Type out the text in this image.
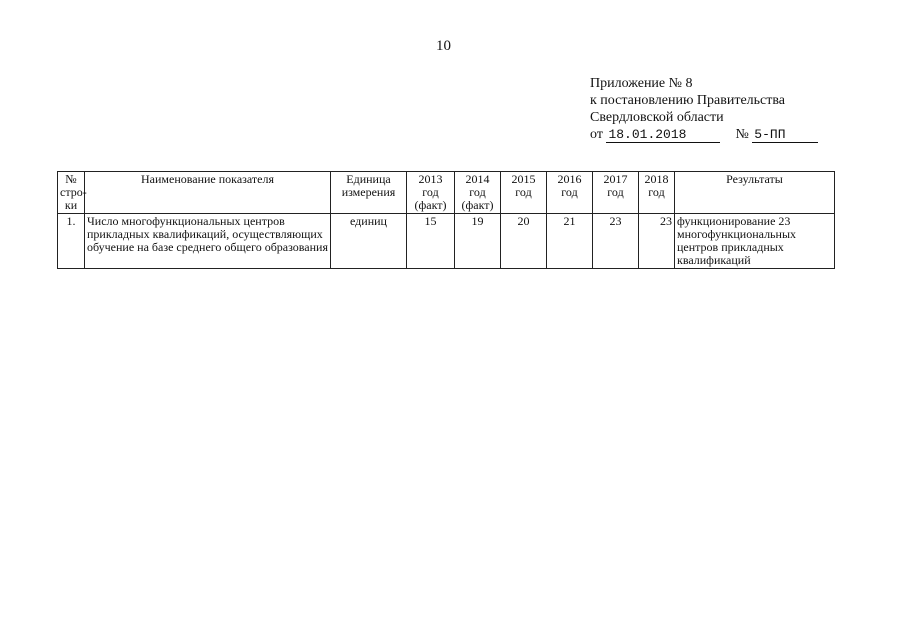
10
Приложение № 8
к постановлению Правительства
Свердловской области
от 18.01.2018	№ 5-ПП
№
стро-
ки	Наименование показателя	Единица
измерения	2013
год
(факт)	2014
год
(факт)	2015
год	2016
год	2017
год	2018
год	Результаты
1.	Число многофункциональных центров прикладных квалификаций, осуществляющих обучение на базе среднего общего образования	единиц	15	19	20	21	23	23	функционирование 23 многофункциональных центров прикладных квалификаций
